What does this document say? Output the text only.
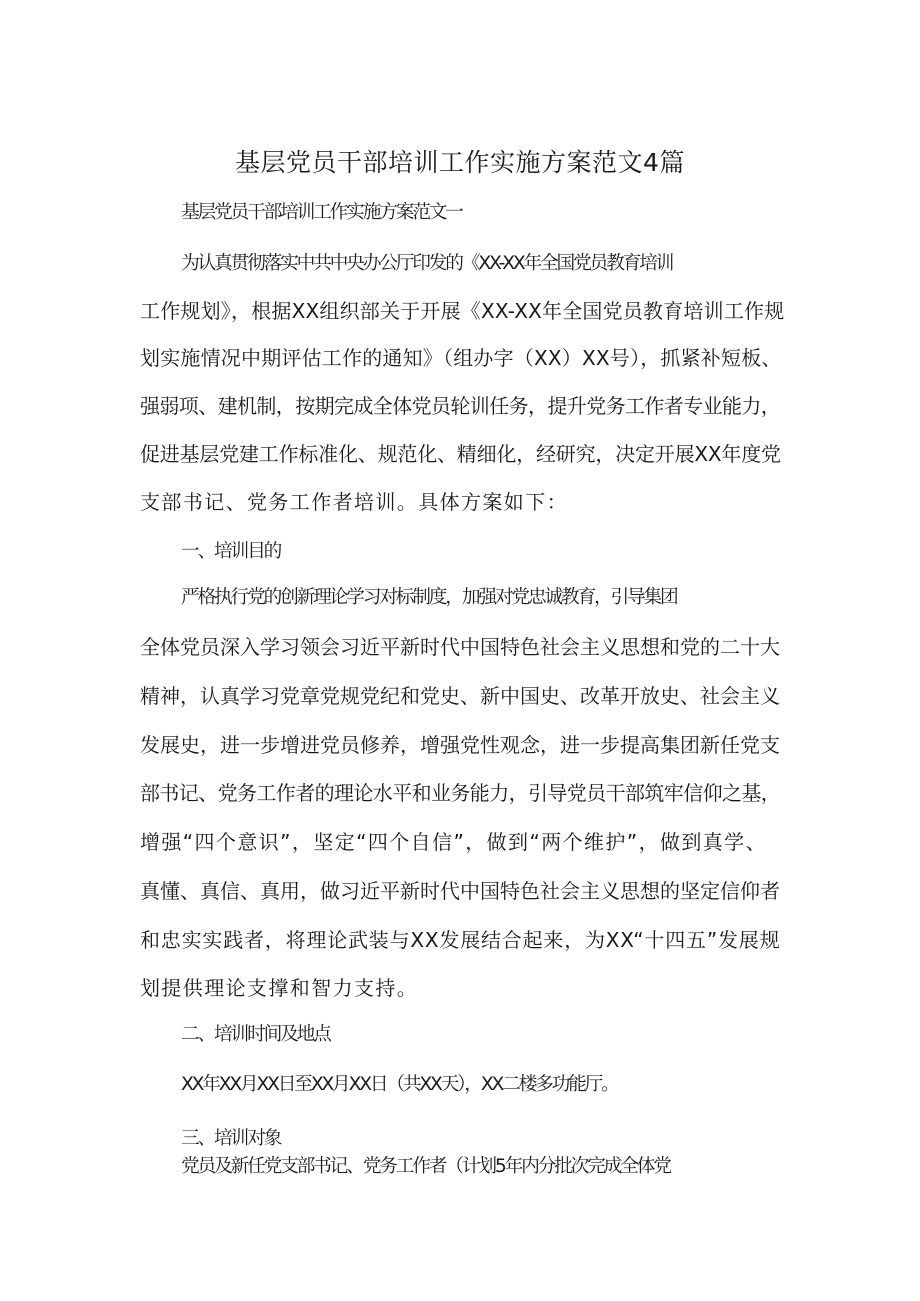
基层党员干部培训工作实施方案范文4篇

基层党员干部培训工作实施方案范文一

为认真贯彻落实中共中央办公厅印发的《XX-XX年全国党员教育培训

工作规划》，根据XX组织部关于开展《XX-XX年全国党员教育培训工作规

划实施情况中期评估工作的通知》（组办字（XX）XX号），抓紧补短板、

强弱项、建机制，按期完成全体党员轮训任务，提升党务工作者专业能力，

促进基层党建工作标准化、规范化、精细化，经研究，决定开展XX年度党

支部书记、党务工作者培训。具体方案如下：

一、培训目的

严格执行党的创新理论学习对标制度，加强对党忠诚教育，引导集团

全体党员深入学习领会习近平新时代中国特色社会主义思想和党的二十大

精神，认真学习党章党规党纪和党史、新中国史、改革开放史、社会主义

发展史，进一步增进党员修养，增强党性观念，进一步提高集团新任党支

部书记、党务工作者的理论水平和业务能力，引导党员干部筑牢信仰之基，

增强“四个意识”，坚定“四个自信”，做到“两个维护”，做到真学、

真懂、真信、真用，做习近平新时代中国特色社会主义思想的坚定信仰者

和忠实实践者，将理论武装与XX发展结合起来，为XX“十四五”发展规

划提供理论支撑和智力支持。

二、培训时间及地点

XX年XX月XX日至XX月XX日（共XX天），XX二楼多功能厅。

三、培训对象

党员及新任党支部书记、党务工作者（计划5年内分批次完成全体党
